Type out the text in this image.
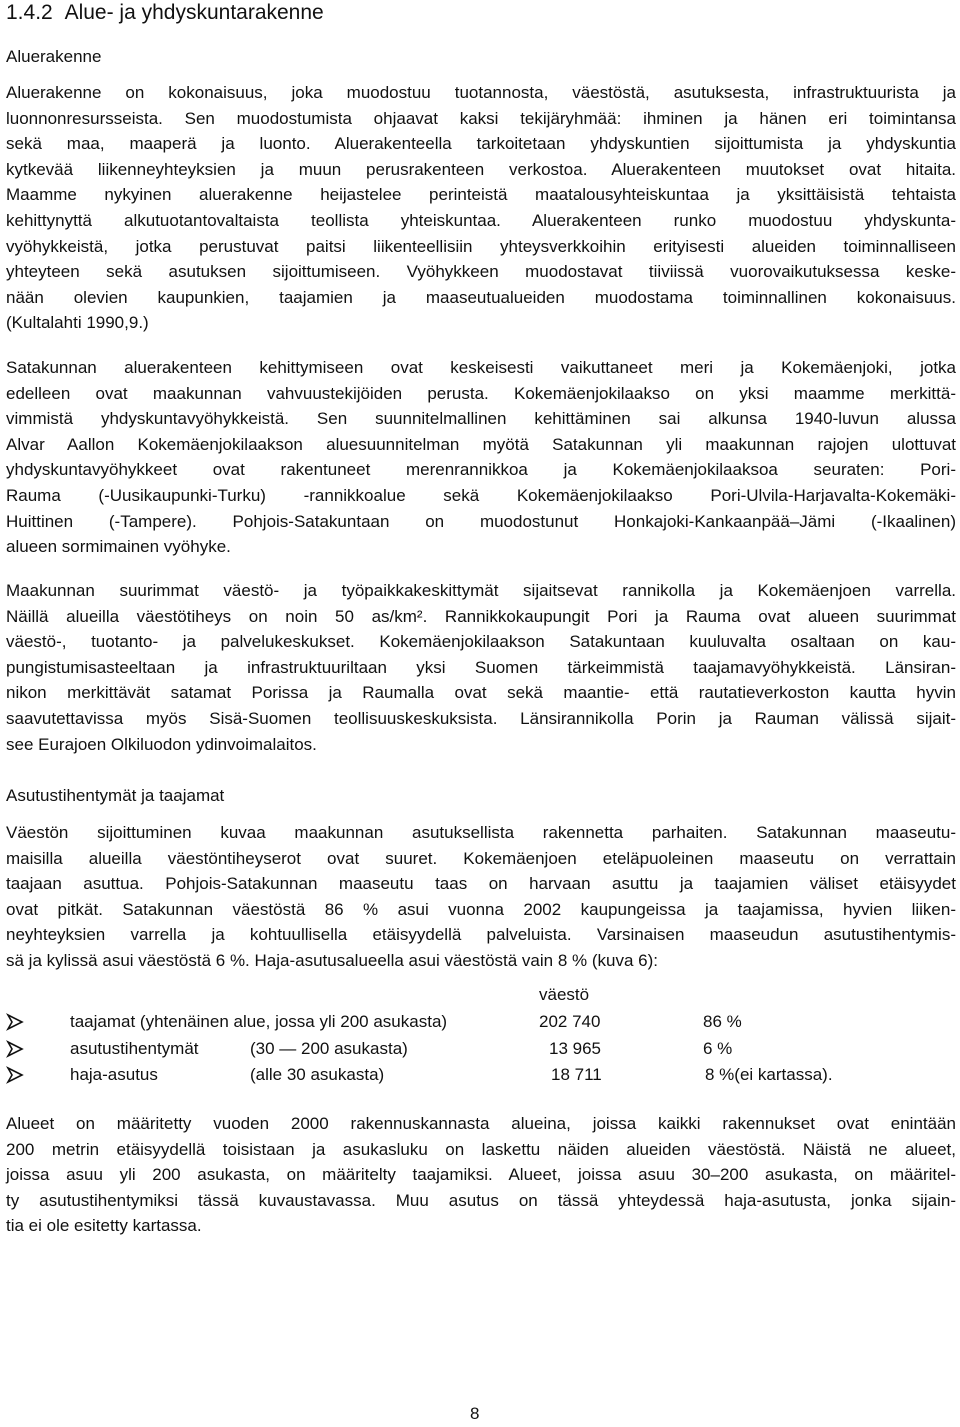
1.4.2 Alue- ja yhdyskuntarakenne
Aluerakenne
Aluerakenne on kokonaisuus, joka muodostuu tuotannosta, väestöstä, asutuksesta, infrastruktuurista ja
luonnonresursseista. Sen muodostumista ohjaavat kaksi tekijäryhmää: ihminen ja hänen eri toimintansa
sekä maa, maaperä ja luonto. Aluerakenteella tarkoitetaan yhdyskuntien sijoittumista ja yhdyskuntia
kytkevää liikenneyhteyksien ja muun perusrakenteen verkostoa. Aluerakenteen muutokset ovat hitaita.
Maamme nykyinen aluerakenne heijastelee perinteistä maatalousyhteiskuntaa ja yksittäisistä tehtaista
kehittynyttä alkutuotantovaltaista teollista yhteiskuntaa. Aluerakenteen runko muodostuu yhdyskunta-
vyöhykkeistä, jotka perustuvat paitsi liikenteellisiin yhteysverkkoihin erityisesti alueiden toiminnalliseen
yhteyteen sekä asutuksen sijoittumiseen. Vyöhykkeen muodostavat tiiviissä vuorovaikutuksessa keske-
nään olevien kaupunkien, taajamien ja maaseutualueiden muodostama toiminnallinen kokonaisuus.
(Kultalahti 1990,9.)
Satakunnan aluerakenteen kehittymiseen ovat keskeisesti vaikuttaneet meri ja Kokemäenjoki, jotka
edelleen ovat maakunnan vahvuustekijöiden perusta. Kokemäenjokilaakso on yksi maamme merkittä-
vimmistä yhdyskuntavyöhykkeistä. Sen suunnitelmallinen kehittäminen sai alkunsa 1940-luvun alussa
Alvar Aallon Kokemäenjokilaakson aluesuunnitelman myötä Satakunnan yli maakunnan rajojen ulottuvat
yhdyskuntavyöhykkeet ovat rakentuneet merenrannikkoa ja Kokemäenjokilaaksoa seuraten: Pori-
Rauma (-Uusikaupunki-Turku) -rannikkoalue sekä Kokemäenjokilaakso Pori-Ulvila-Harjavalta-Kokemäki-
Huittinen (-Tampere). Pohjois-Satakuntaan on muodostunut Honkajoki-Kankaanpää–Jämi (-Ikaalinen)
alueen sormimainen vyöhyke.
Maakunnan suurimmat väestö- ja työpaikkakeskittymät sijaitsevat rannikolla ja Kokemäenjoen varrella.
Näillä alueilla väestötiheys on noin 50 as/km². Rannikkokaupungit Pori ja Rauma ovat alueen suurimmat
väestö-, tuotanto- ja palvelukeskukset. Kokemäenjokilaakson Satakuntaan kuuluvalta osaltaan on kau-
pungistumisasteeltaan ja infrastruktuuriltaan yksi Suomen tärkeimmistä taajamavyöhykkeistä. Länsiran-
nikon merkittävät satamat Porissa ja Raumalla ovat sekä maantie- että rautatieverkoston kautta hyvin
saavutettavissa myös Sisä-Suomen teollisuuskeskuksista. Länsirannikolla Porin ja Rauman välissä sijait-
see Eurajoen Olkiluodon ydinvoimalaitos.
Asutustihentymät ja taajamat
Väestön sijoittuminen kuvaa maakunnan asutuksellista rakennetta parhaiten. Satakunnan maaseutu-
maisilla alueilla väestöntiheyserot ovat suuret. Kokemäenjoen eteläpuoleinen maaseutu on verrattain
taajaan asuttua. Pohjois-Satakunnan maaseutu taas on harvaan asuttu ja taajamien väliset etäisyydet
ovat pitkät. Satakunnan väestöstä 86 % asui vuonna 2002 kaupungeissa ja taajamissa, hyvien liiken-
neyhteyksien varrella ja kohtuullisella etäisyydellä palveluista. Varsinaisen maaseudun asutustihentymis-
sä ja kylissä asui väestöstä 6 %. Haja-asutusalueella asui väestöstä vain 8 % (kuva 6):
väestö
taajamat (yhtenäinen alue, jossa yli 200 asukasta)	202 740	86 %
asutustihentymät	(30 — 200 asukasta)	13 965	6 %
haja-asutus	(alle 30 asukasta)	18 711	8 %(ei kartassa).
Alueet on määritetty vuoden 2000 rakennuskannasta alueina, joissa kaikki rakennukset ovat enintään
200 metrin etäisyydellä toisistaan ja asukasluku on laskettu näiden alueiden väestöstä. Näistä ne alueet,
joissa asuu yli 200 asukasta, on määritelty taajamiksi. Alueet, joissa asuu 30–200 asukasta, on määritel-
ty asutustihentymiksi tässä kuvaustavassa. Muu asutus on tässä yhteydessä haja-asutusta, jonka sijain-
tia ei ole esitetty kartassa.
8
